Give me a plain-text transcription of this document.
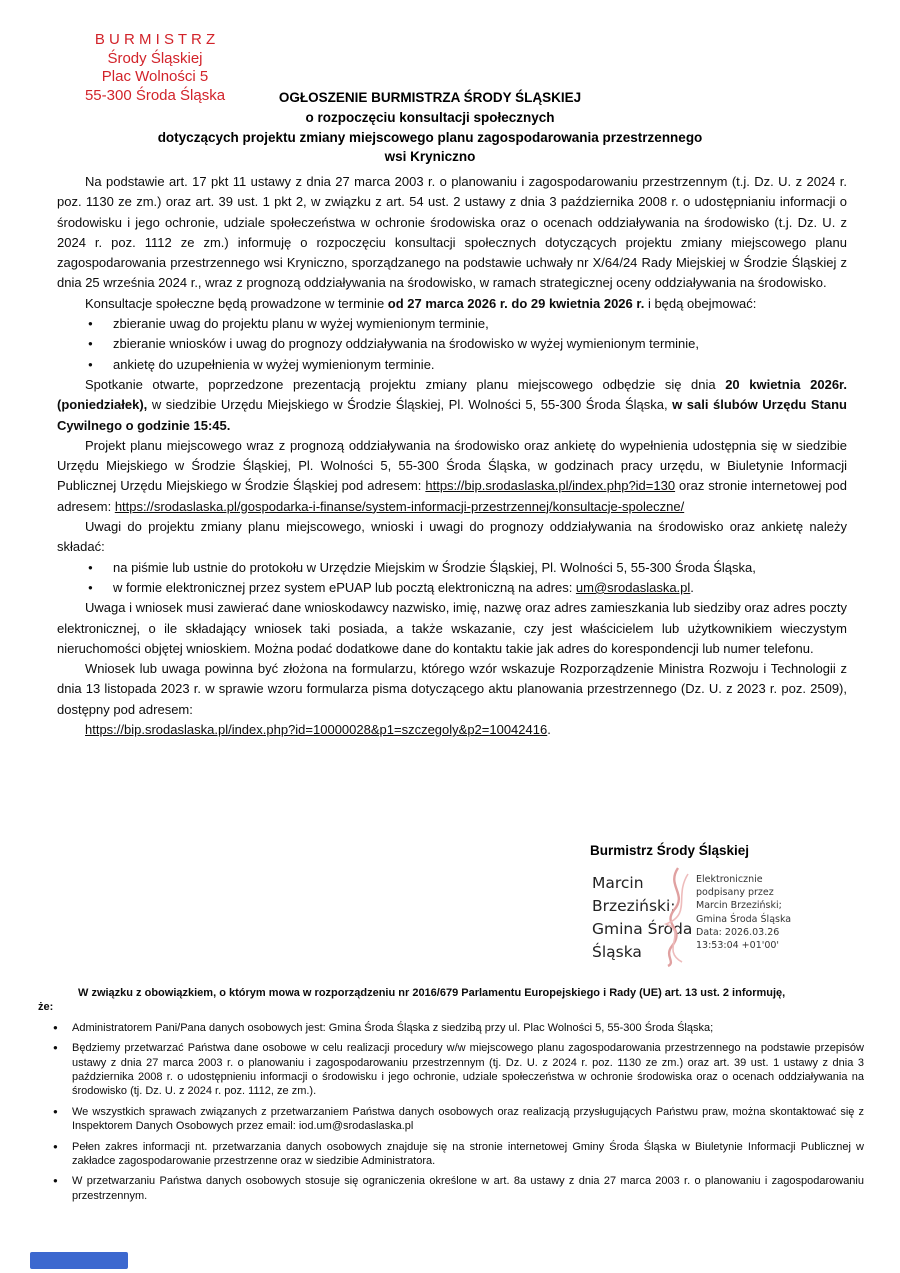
B U R M I S T R Z
Środy Śląskiej
Plac Wolności 5
55-300 Środa Śląska	OGŁOSZENIE BURMISTRZA ŚRODY ŚLĄSKIEJ
o rozpoczęciu konsultacji społecznych
dotyczących projektu zmiany miejscowego planu zagospodarowania przestrzennego
wsi Kryniczno
Na podstawie art. 17 pkt 11 ustawy z dnia 27 marca 2003 r. o planowaniu i zagospodarowaniu przestrzennym (t.j. Dz. U. z 2024 r. poz. 1130 ze zm.) oraz art. 39 ust. 1 pkt 2, w związku z art. 54 ust. 2 ustawy z dnia 3 października 2008 r. o udostępnianiu informacji o środowisku i jego ochronie, udziale społeczeństwa w ochronie środowiska oraz o ocenach oddziaływania na środowisko (t.j. Dz. U. z 2024 r. poz. 1112 ze zm.) informuję o rozpoczęciu konsultacji społecznych dotyczących projektu zmiany miejscowego planu zagospodarowania przestrzennego wsi Kryniczno, sporządzanego na podstawie uchwały nr X/64/24 Rady Miejskiej w Środzie Śląskiej z dnia 25 września 2024 r., wraz z prognozą oddziaływania na środowisko, w ramach strategicznej oceny oddziaływania na środowisko.
Konsultacje społeczne będą prowadzone w terminie od 27 marca 2026 r. do 29 kwietnia 2026 r. i będą obejmować:
● zbieranie uwag do projektu planu w wyżej wymienionym terminie,
● zbieranie wniosków i uwag do prognozy oddziaływania na środowisko w wyżej wymienionym terminie,
● ankietę do uzupełnienia w wyżej wymienionym terminie.
Spotkanie otwarte, poprzedzone prezentacją projektu zmiany planu miejscowego odbędzie się dnia 20 kwietnia 2026r. (poniedziałek), w siedzibie Urzędu Miejskiego w Środzie Śląskiej, Pl. Wolności 5, 55-300 Środa Śląska, w sali ślubów Urzędu Stanu Cywilnego o godzinie 15:45.
Projekt planu miejscowego wraz z prognozą oddziaływania na środowisko oraz ankietę do wypełnienia udostępnia się w siedzibie Urzędu Miejskiego w Środzie Śląskiej, Pl. Wolności 5, 55-300 Środa Śląska, w godzinach pracy urzędu, w Biuletynie Informacji Publicznej Urzędu Miejskiego w Środzie Śląskiej pod adresem: https://bip.srodaslaska.pl/index.php?id=130 oraz stronie internetowej pod adresem: https://srodaslaska.pl/gospodarka-i-finanse/system-informacji-przestrzennej/konsultacje-spoleczne/
Uwagi do projektu zmiany planu miejscowego, wnioski i uwagi do prognozy oddziaływania na środowisko oraz ankietę należy składać:
● na piśmie lub ustnie do protokołu w Urzędzie Miejskim w Środzie Śląskiej, Pl. Wolności 5, 55-300 Środa Śląska,
● w formie elektronicznej przez system ePUAP lub pocztą elektroniczną na adres: um@srodaslaska.pl.
Uwaga i wniosek musi zawierać dane wnioskodawcy nazwisko, imię, nazwę oraz adres zamieszkania lub siedziby oraz adres poczty elektronicznej, o ile składający wniosek taki posiada, a także wskazanie, czy jest właścicielem lub użytkownikiem wieczystym nieruchomości objętej wnioskiem. Można podać dodatkowe dane do kontaktu takie jak adres do korespondencji lub numer telefonu.
Wniosek lub uwaga powinna być złożona na formularzu, którego wzór wskazuje Rozporządzenie Ministra Rozwoju i Technologii z dnia 13 listopada 2023 r. w sprawie wzoru formularza pisma dotyczącego aktu planowania przestrzennego (Dz. U. z 2023 r. poz. 2509), dostępny pod adresem:
https://bip.srodaslaska.pl/index.php?id=10000028&p1=szczegoly&p2=10042416.
Burmistrz Środy Śląskiej
Marcin
Brzeziński;
Gmina Środa
Śląska
Elektronicznie
podpisany przez
Marcin Brzeziński;
Gmina Środa Śląska
Data: 2026.03.26
13:53:04 +01'00'

W związku z obowiązkiem, o którym mowa w rozporządzeniu nr 2016/679 Parlamentu Europejskiego i Rady (UE) art. 13 ust. 2 informuję,

że:

● Administratorem Pani/Pana danych osobowych jest: Gmina Środa Śląska z siedzibą przy ul. Plac Wolności 5, 55-300 Środa Śląska;
● Będziemy przetwarzać Państwa dane osobowe w celu realizacji procedury w/w miejscowego planu zagospodarowania przestrzennego na podstawie przepisów ustawy z dnia 27 marca 2003 r. o planowaniu i zagospodarowaniu przestrzennym (tj. Dz. U. z 2024 r. poz. 1130 ze zm.) oraz art. 39 ust. 1 ustawy z dnia 3 października 2008 r. o udostępnieniu informacji o środowisku i jego ochronie, udziale społeczeństwa w ochronie środowiska oraz o ocenach oddziaływania na środowisko (tj. Dz. U. z 2024 r. poz. 1112, ze zm.).
● We wszystkich sprawach związanych z przetwarzaniem Państwa danych osobowych oraz realizacją przysługujących Państwu praw, można skontaktować się z Inspektorem Danych Osobowych przez email: iod.um@srodaslaska.pl
● Pełen zakres informacji nt. przetwarzania danych osobowych znajduje się na stronie internetowej Gminy Środa Śląska w Biuletynie Informacji Publicznej w zakładce zagospodarowanie przestrzenne oraz w siedzibie Administratora.
● W przetwarzaniu Państwa danych osobowych stosuje się ograniczenia określone w art. 8a ustawy z dnia 27 marca 2003 r. o planowaniu i zagospodarowaniu przestrzennym.
